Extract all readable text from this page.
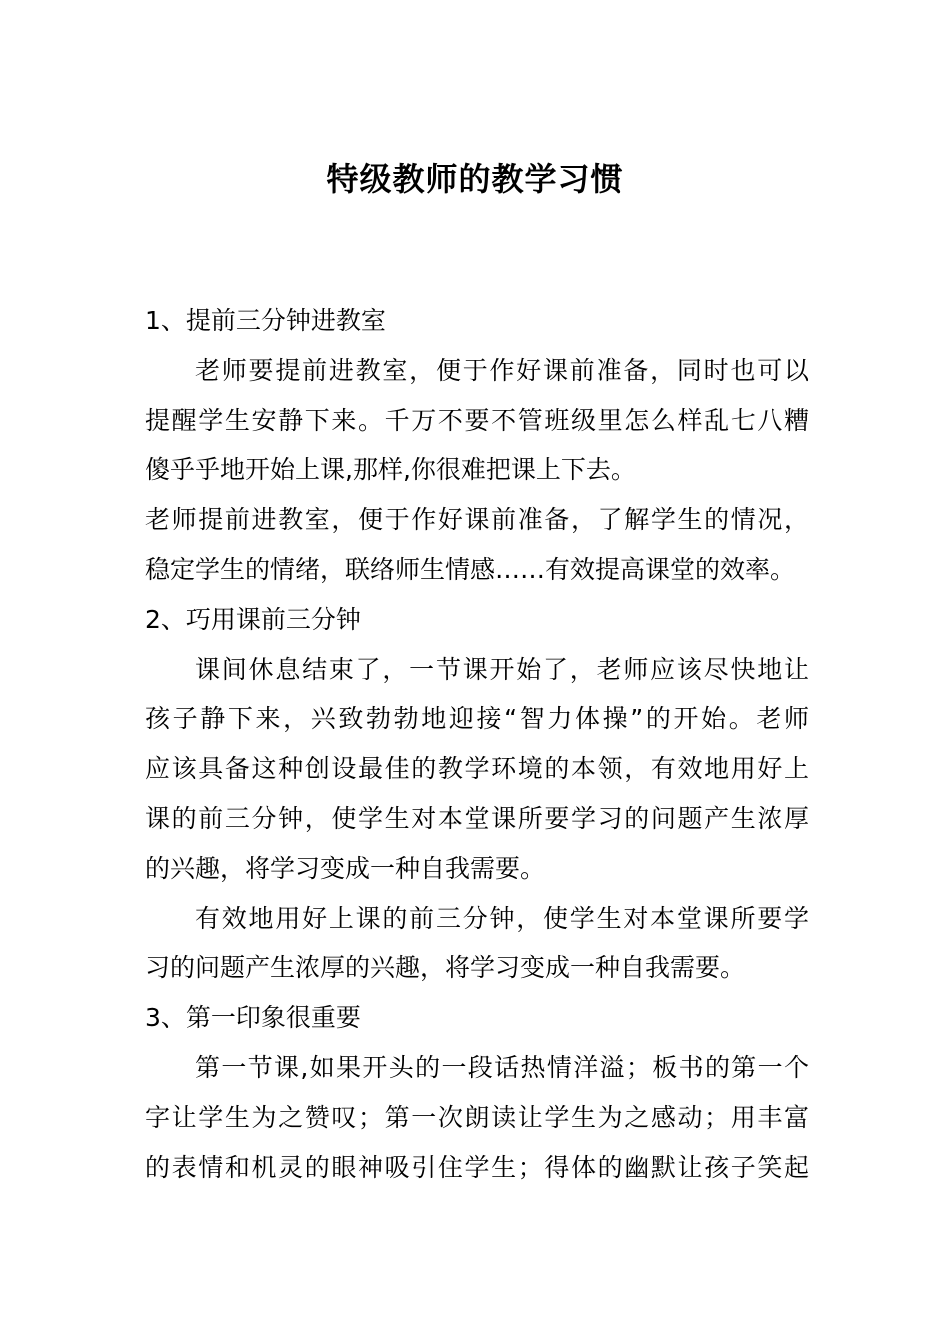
特级教师的教学习惯
1、提前三分钟进教室
老师要提前进教室，便于作好课前准备，同时也可以
提醒学生安静下来。千万不要不管班级里怎么样乱七八糟
傻乎乎地开始上课,那样,你很难把课上下去。
老师提前进教室，便于作好课前准备，了解学生的情况，
稳定学生的情绪，联络师生情感……有效提高课堂的效率。
2、巧用课前三分钟
课间休息结束了，一节课开始了，老师应该尽快地让
孩子静下来，兴致勃勃地迎接“智力体操”的开始。老师
应该具备这种创设最佳的教学环境的本领，有效地用好上
课的前三分钟，使学生对本堂课所要学习的问题产生浓厚
的兴趣，将学习变成一种自我需要。
有效地用好上课的前三分钟，使学生对本堂课所要学
习的问题产生浓厚的兴趣，将学习变成一种自我需要。
3、第一印象很重要
第一节课,如果开头的一段话热情洋溢；板书的第一个
字让学生为之赞叹；第一次朗读让学生为之感动；用丰富
的表情和机灵的眼神吸引住学生；得体的幽默让孩子笑起
